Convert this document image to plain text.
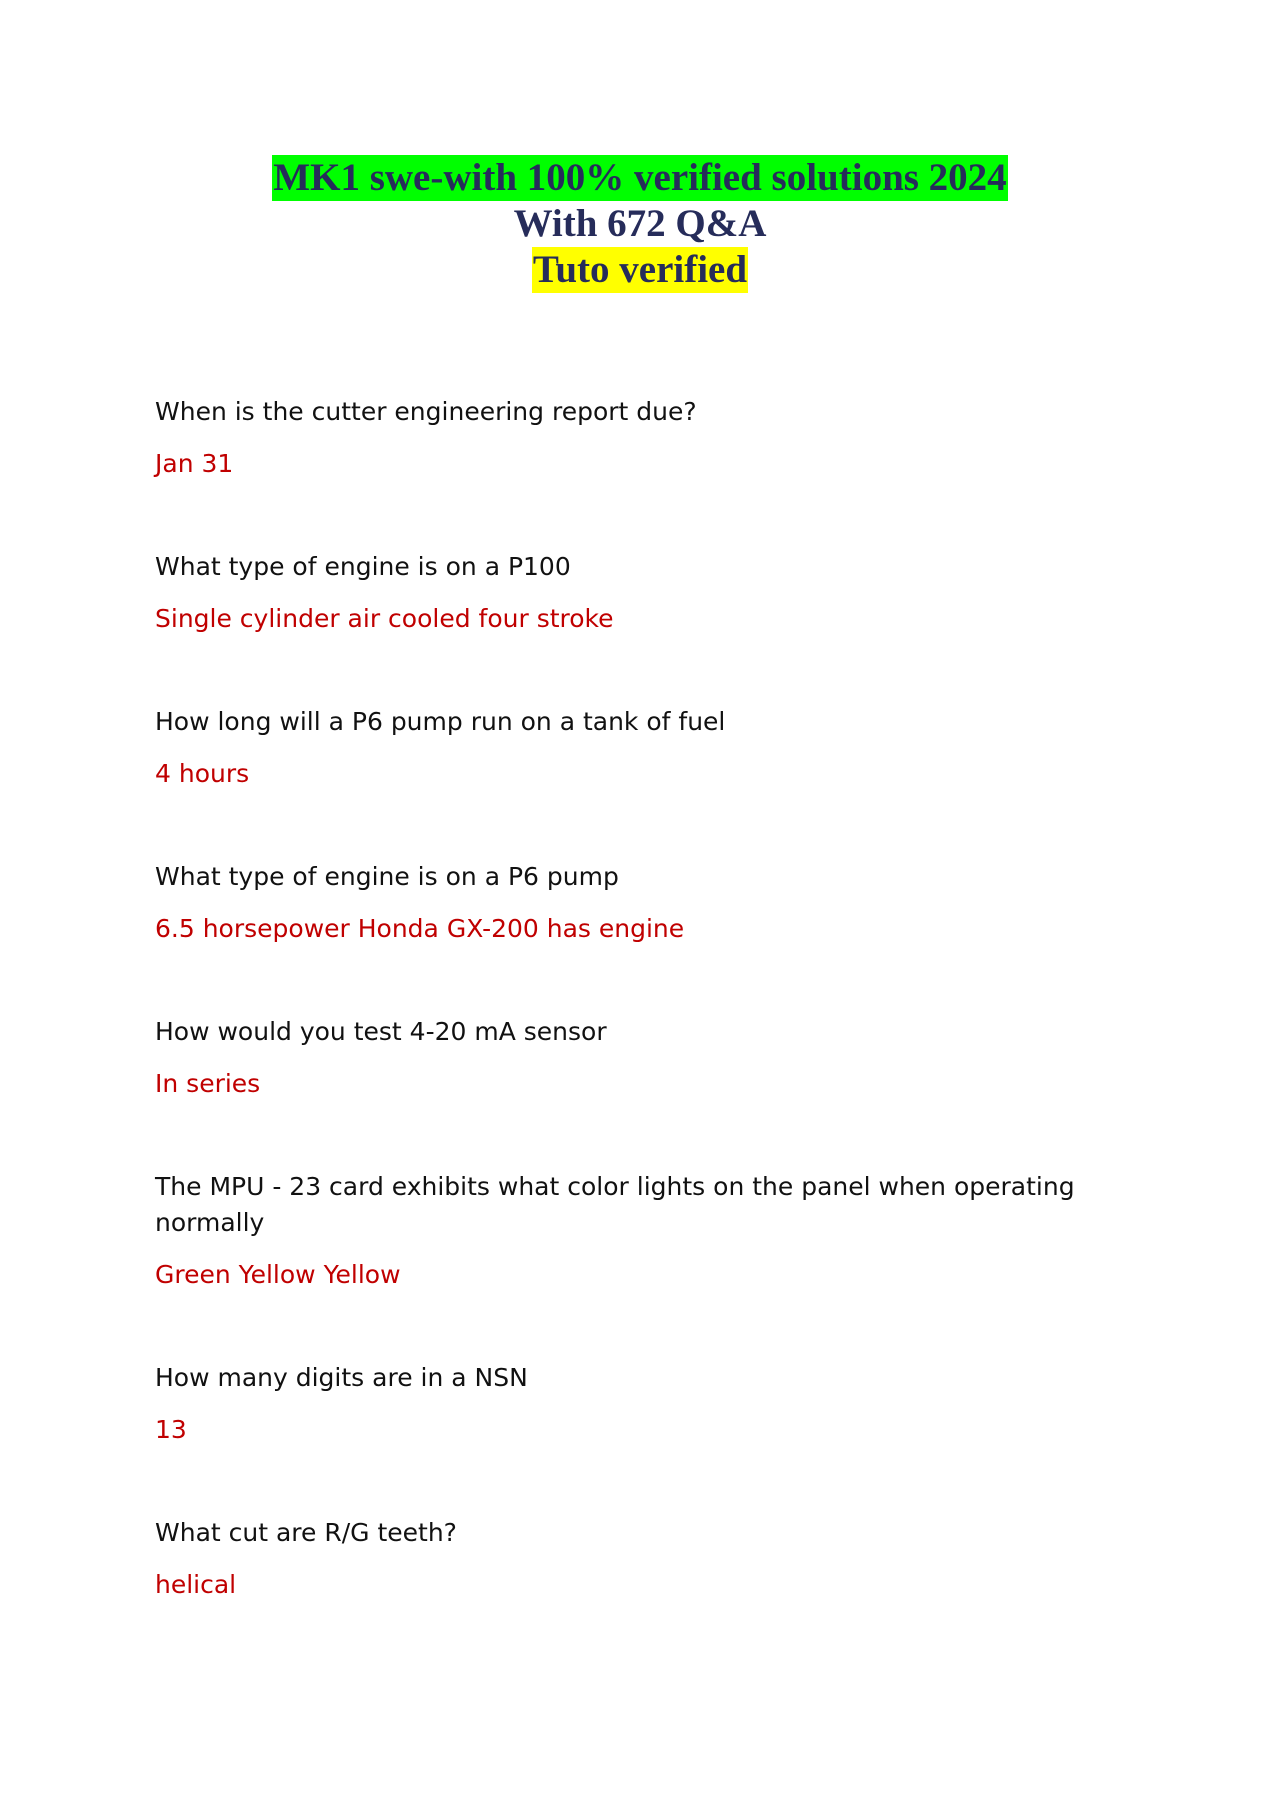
MK1 swe-with 100% verified solutions 2024
With 672 Q&A
Tuto verified

When is the cutter engineering report due?

Jan 31

What type of engine is on a P100

Single cylinder air cooled four stroke

How long will a P6 pump run on a tank of fuel

4 hours

What type of engine is on a P6 pump

6.5 horsepower Honda GX-200 has engine

How would you test 4-20 mA sensor

In series

The MPU - 23 card exhibits what color lights on the panel when operating normally

Green Yellow Yellow

How many digits are in a NSN

13

What cut are R/G teeth?

helical
